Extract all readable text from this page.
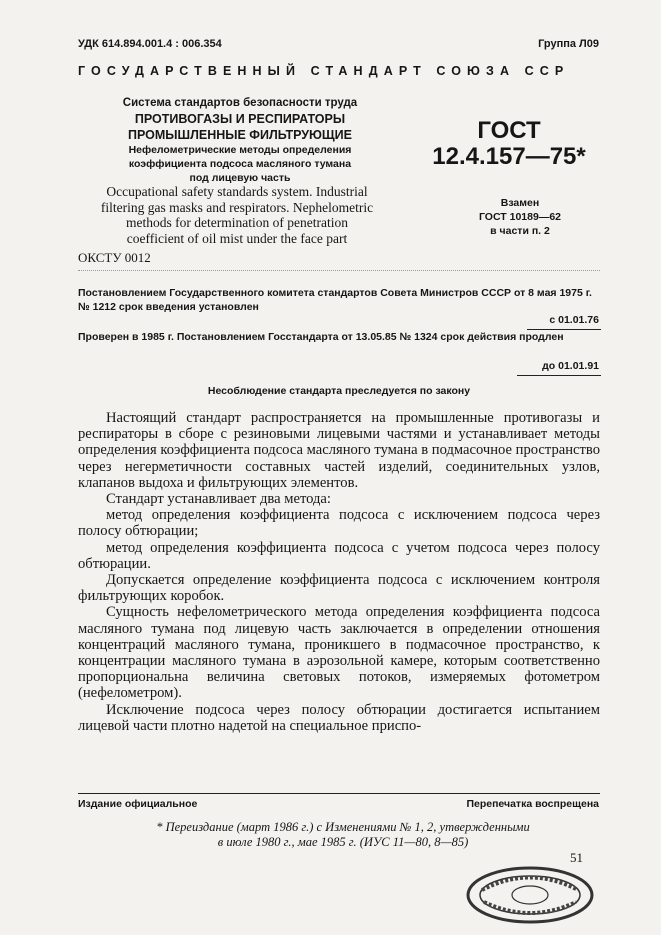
УДК 614.894.001.4 : 006.354	Группа Л09
ГОСУДАРСТВЕННЫЙ СТАНДАРТ СОЮЗА ССР
Система стандартов безопасности труда
ПРОТИВОГАЗЫ И РЕСПИРАТОРЫ
ПРОМЫШЛЕННЫЕ ФИЛЬТРУЮЩИЕ
Нефелометрические методы определения
коэффициента подсоса масляного тумана
под лицевую часть
Occupational safety standards system. Industrial
filtering gas masks and respirators. Nephelometric
methods for determination of penetration
coefficient of oil mist under the face part
ГОСТ
12.4.157—75*
Взамен
ГОСТ 10189—62
в части п. 2
ОКСТУ 0012
Постановлением Государственного комитета стандартов Совета Министров СССР от 8 мая 1975 г. № 1212 срок введения установлен
с 01.01.76
Проверен в 1985 г. Постановлением Госстандарта от 13.05.85 № 1324 срок действия продлен
до 01.01.91
Несоблюдение стандарта преследуется по закону

Настоящий стандарт распространяется на промышленные противогазы и респираторы в сборе с резиновыми лицевыми частями и устанавливает методы определения коэффициента подсоса масляного тумана в подмасочное пространство через негерметичности составных частей изделий, соединительных узлов, клапанов выдоха и фильтрующих элементов.

Стандарт устанавливает два метода:

метод определения коэффициента подсоса с исключением подсоса через полосу обтюрации;

метод определения коэффициента подсоса с учетом подсоса через полосу обтюрации.

Допускается определение коэффициента подсоса с исключением контроля фильтрующих коробок.

Сущность нефелометрического метода определения коэффициента подсоса масляного тумана под лицевую часть заключается в определении отношения концентраций масляного тумана, проникшего в подмасочное пространство, к концентрации масляного тумана в аэрозольной камере, которым соответственно пропорциональна величина световых потоков, измеряемых фотометром (нефелометром).

Исключение подсоса через полосу обтюрации достигается испытанием лицевой части плотно надетой на специальное приспо-

Издание официальное	Перепечатка воспрещена
* Переиздание (март 1986 г.) с Изменениями № 1, 2, утвержденными
в июле 1980 г., мае 1985 г. (ИУС 11—80, 8—85)
51
